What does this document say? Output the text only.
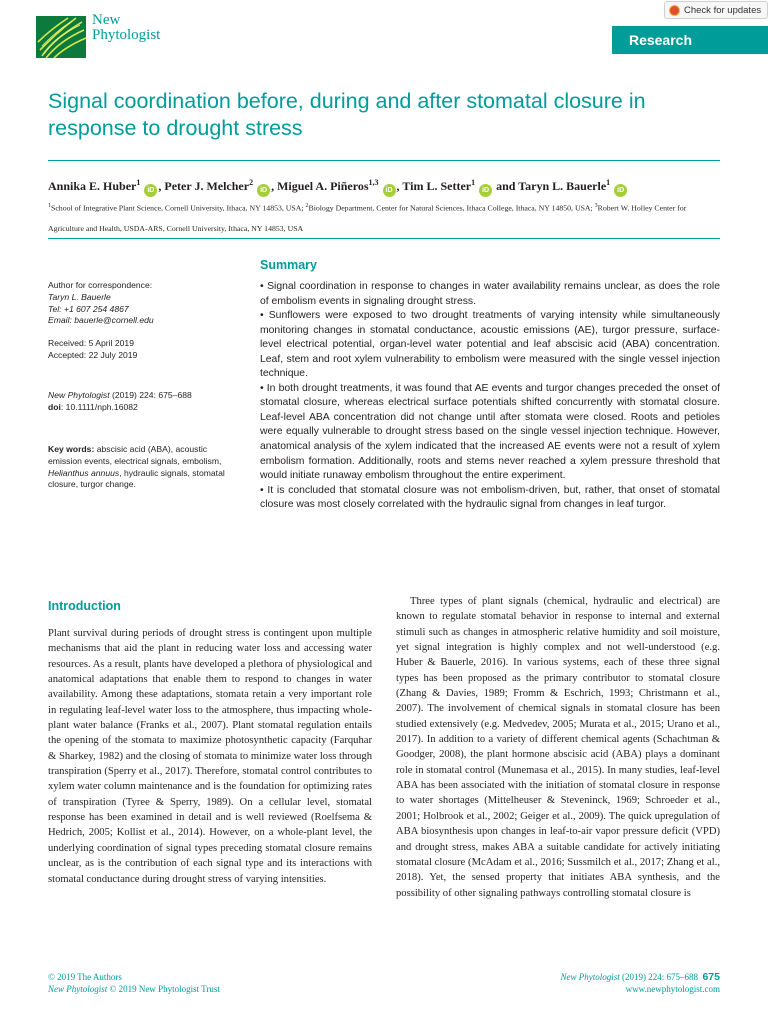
New
Phytologist
Check for updates
Research
Signal coordination before, during and after stomatal closure in response to drought stress
Annika E. Huber$^1$ iD , Peter J. Melcher$^2$ iD , Miguel A. Piñeros$^{1,3}$ iD , Tim L. Setter$^1$ iD and Taryn L. Bauerle$^1$ iD
$^1$School of Integrative Plant Science, Cornell University, Ithaca, NY 14853, USA; $^2$Biology Department, Center for Natural Sciences, Ithaca College, Ithaca, NY 14850, USA; $^3$Robert W. Holley Center for Agriculture and Health, USDA-ARS, Cornell University, Ithaca, NY 14853, USA
Author for correspondence:
Taryn L. Bauerle
Tel: +1 607 254 4867
Email: bauerle@cornell.edu
Received: 5 April 2019
Accepted: 22 July 2019
New Phytologist (2019) 224: 675–688
doi: 10.1111/nph.16082
Key words: abscisic acid (ABA), acoustic emission events, electrical signals, embolism, Helianthus annuus, hydraulic signals, stomatal closure, turgor change.
Summary

• Signal coordination in response to changes in water availability remains unclear, as does the role of embolism events in signaling drought stress.

• Sunflowers were exposed to two drought treatments of varying intensity while simultaneously monitoring changes in stomatal conductance, acoustic emissions (AE), turgor pressure, surface-level electrical potential, organ-level water potential and leaf abscisic acid (ABA) concentration. Leaf, stem and root xylem vulnerability to embolism were measured with the single vessel injection technique.

• In both drought treatments, it was found that AE events and turgor changes preceded the onset of stomatal closure, whereas electrical surface potentials shifted concurrently with stomatal closure. Leaf-level ABA concentration did not change until after stomata were closed. Roots and petioles were equally vulnerable to drought stress based on the single vessel injection technique. However, anatomical analysis of the xylem indicated that the increased AE events were not a result of xylem embolism formation. Additionally, roots and stems never reached a xylem pressure threshold that would initiate runaway embolism throughout the entire experiment.

• It is concluded that stomatal closure was not embolism-driven, but, rather, that onset of stomatal closure was most closely correlated with the hydraulic signal from changes in leaf turgor.

Introduction

Plant survival during periods of drought stress is contingent upon multiple mechanisms that aid the plant in reducing water loss and accessing water resources. As a result, plants have developed a plethora of physiological and anatomical adaptations that enable them to respond to changes in water availability. Among these adaptations, stomata retain a very important role in regulating leaf-level water loss to the atmosphere, thus impacting whole-plant water balance (Franks et al., 2007). Plant stomatal regulation entails the opening of the stomata to maximize photosynthetic capacity (Farquhar & Sharkey, 1982) and the closing of stomata to minimize water loss through transpiration (Sperry et al., 2017). Therefore, stomatal control contributes to xylem water column maintenance and is the foundation for optimizing rates of transpiration (Tyree & Sperry, 1989). On a cellular level, stomatal response has been examined in detail and is well reviewed (Roelfsema & Hedrich, 2005; Kollist et al., 2014). However, on a whole-plant level, the underlying coordination of signal types preceding stomatal closure remains unclear, as is the contribution of each signal type and its interactions with stomatal conductance during drought stress of varying intensities.

Three types of plant signals (chemical, hydraulic and electrical) are known to regulate stomatal behavior in response to internal and external stimuli such as changes in atmospheric relative humidity and soil moisture, yet signal integration is highly complex and not well-understood (e.g. Huber & Bauerle, 2016). In various systems, each of these three signal types has been proposed as the primary contributor to stomatal closure (Zhang & Davies, 1989; Fromm & Eschrich, 1993; Christmann et al., 2007). The involvement of chemical signals in stomatal closure has been studied extensively (e.g. Medvedev, 2005; Murata et al., 2015; Urano et al., 2017). In addition to a variety of different chemical agents (Schachtman & Goodger, 2008), the plant hormone abscisic acid (ABA) plays a dominant role in stomatal control (Munemasa et al., 2015). In many studies, leaf-level ABA has been associated with the initiation of stomatal closure in response to water shortages (Mittelheuser & Steveninck, 1969; Schroeder et al., 2001; Holbrook et al., 2002; Geiger et al., 2009). The quick upregulation of ABA biosynthesis upon changes in leaf-to-air vapor pressure deficit (VPD) and drought stress, makes ABA a suitable candidate for actively initiating stomatal closure (McAdam et al., 2016; Sussmilch et al., 2017; Zhang et al., 2018). Yet, the sensed property that initiates ABA synthesis, and the possibility of other signaling pathways controlling stomatal closure is

© 2019 The Authors
New Phytologist © 2019 New Phytologist Trust
New Phytologist (2019) 224: 675–688 675
www.newphytologist.com
